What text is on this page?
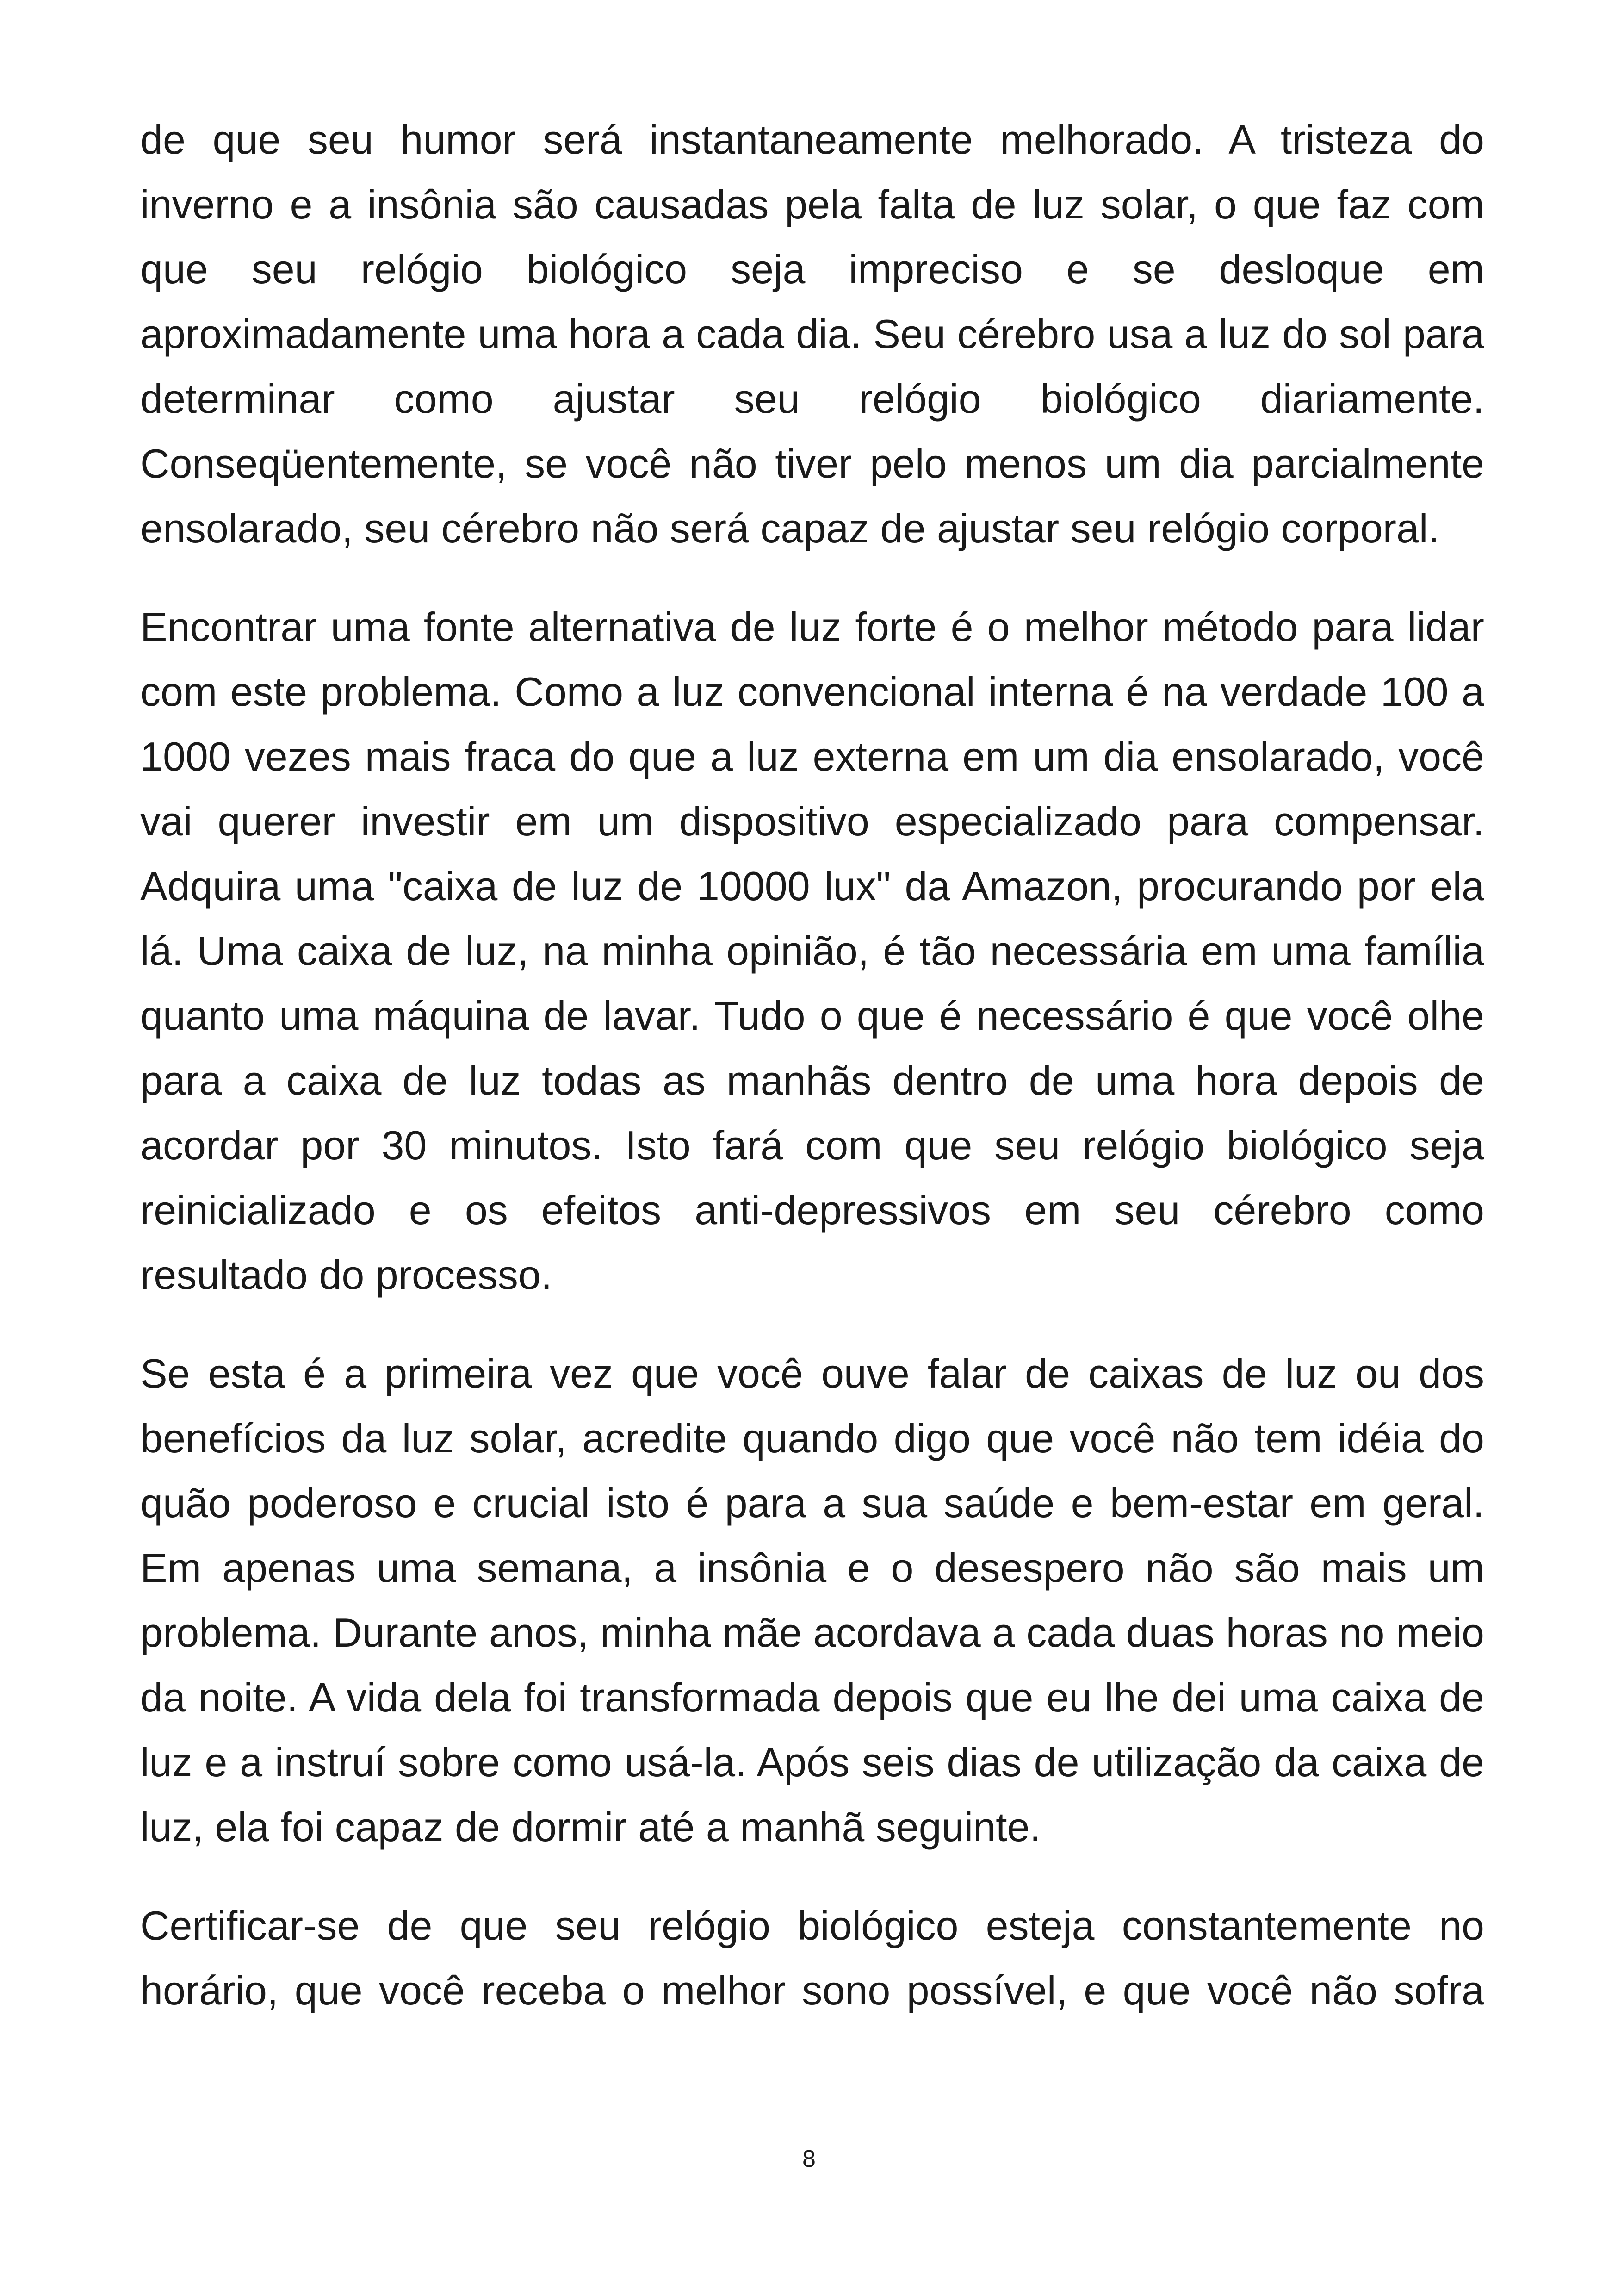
de que seu humor será instantaneamente melhorado. A tristeza do inverno e a insônia são causadas pela falta de luz solar, o que faz com que seu relógio biológico seja impreciso e se desloque em aproximadamente uma hora a cada dia. Seu cérebro usa a luz do sol para determinar como ajustar seu relógio biológico diariamente. Conseqüentemente, se você não tiver pelo menos um dia parcialmente ensolarado, seu cérebro não será capaz de ajustar seu relógio corporal.

Encontrar uma fonte alternativa de luz forte é o melhor método para lidar com este problema. Como a luz convencional interna é na verdade 100 a 1000 vezes mais fraca do que a luz externa em um dia ensolarado, você vai querer investir em um dispositivo especializado para compensar. Adquira uma "caixa de luz de 10000 lux" da Amazon, procurando por ela lá. Uma caixa de luz, na minha opinião, é tão necessária em uma família quanto uma máquina de lavar. Tudo o que é necessário é que você olhe para a caixa de luz todas as manhãs dentro de uma hora depois de acordar por 30 minutos. Isto fará com que seu relógio biológico seja reinicializado e os efeitos anti-depressivos em seu cérebro como resultado do processo.

Se esta é a primeira vez que você ouve falar de caixas de luz ou dos benefícios da luz solar, acredite quando digo que você não tem idéia do quão poderoso e crucial isto é para a sua saúde e bem-estar em geral. Em apenas uma semana, a insônia e o desespero não são mais um problema. Durante anos, minha mãe acordava a cada duas horas no meio da noite. A vida dela foi transformada depois que eu lhe dei uma caixa de luz e a instruí sobre como usá-la. Após seis dias de utilização da caixa de luz, ela foi capaz de dormir até a manhã seguinte.

Certificar-se de que seu relógio biológico esteja constantemente no horário, que você receba o melhor sono possível, e que você não sofra

8
